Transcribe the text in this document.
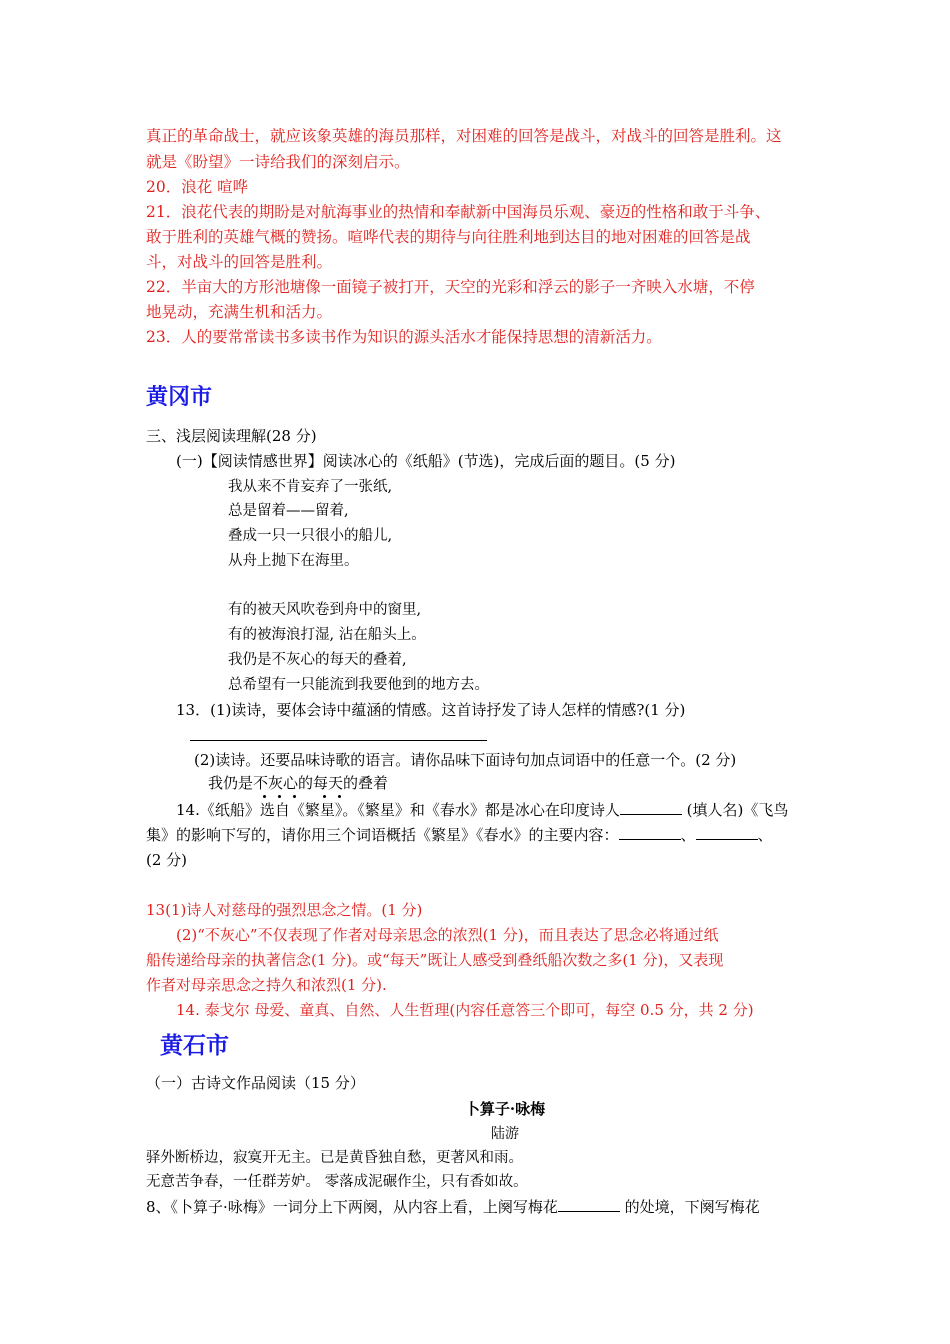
真正的革命战士，就应该象英雄的海员那样，对困难的回答是战斗，对战斗的回答是胜利。这
就是《盼望》一诗给我们的深刻启示。
20．浪花 喧哗
21．浪花代表的期盼是对航海事业的热情和奉献新中国海员乐观、豪迈的性格和敢于斗争、
敢于胜利的英雄气概的赞扬。喧哗代表的期待与向往胜利地到达目的地对困难的回答是战
斗，对战斗的回答是胜利。
22．半亩大的方形池塘像一面镜子被打开，天空的光彩和浮云的影子一齐映入水塘，不停
地晃动，充满生机和活力。
23．人的要常常读书多读书作为知识的源头活水才能保持思想的清新活力。
黄冈市
三、浅层阅读理解(28 分)
(一)【阅读情感世界】阅读冰心的《纸船》(节选)，完成后面的题目。(5 分)
我从来不肯妄弃了一张纸,
总是留着——留着,
叠成一只一只很小的船儿,
从舟上抛下在海里。
有的被天风吹卷到舟中的窗里,
有的被海浪打湿, 沾在船头上。
我仍是不灰心的每天的叠着,
总希望有一只能流到我要他到的地方去。
13．(1)读诗，要体会诗中蕴涵的情感。这首诗抒发了诗人怎样的情感?(1 分)
(2)读诗。还要品味诗歌的语言。请你品味下面诗句加点词语中的任意一个。(2 分)
我仍是不灰心的每天的叠着
14.《纸船》选自《繁星》。《繁星》和《春水》都是冰心在印度诗人	(填人名)《飞鸟
集》的影响下写的，请你用三个词语概括《繁星》《春水》的主要内容：	、	、
(2 分)
13(1)诗人对慈母的强烈思念之情。(1 分)
(2)“不灰心”不仅表现了作者对母亲思念的浓烈(1 分)，而且表达了思念必将通过纸
船传递给母亲的执著信念(1 分)。或“每天”既让人感受到叠纸船次数之多(1 分)，又表现
作者对母亲思念之持久和浓烈(1 分).
14. 泰戈尔 母爱、童真、自然、人生哲理(内容任意答三个即可，每空 0.5 分，共 2 分)
黄石市
（一）古诗文作品阅读（15 分）
卜算子·咏梅
陆游
驿外断桥边，寂寞开无主。已是黄昏独自愁，更著风和雨。
无意苦争春，一任群芳妒。 零落成泥碾作尘，只有香如故。
8、《卜算子·咏梅》一词分上下两阕，从内容上看，上阕写梅花	的处境，下阕写梅花
